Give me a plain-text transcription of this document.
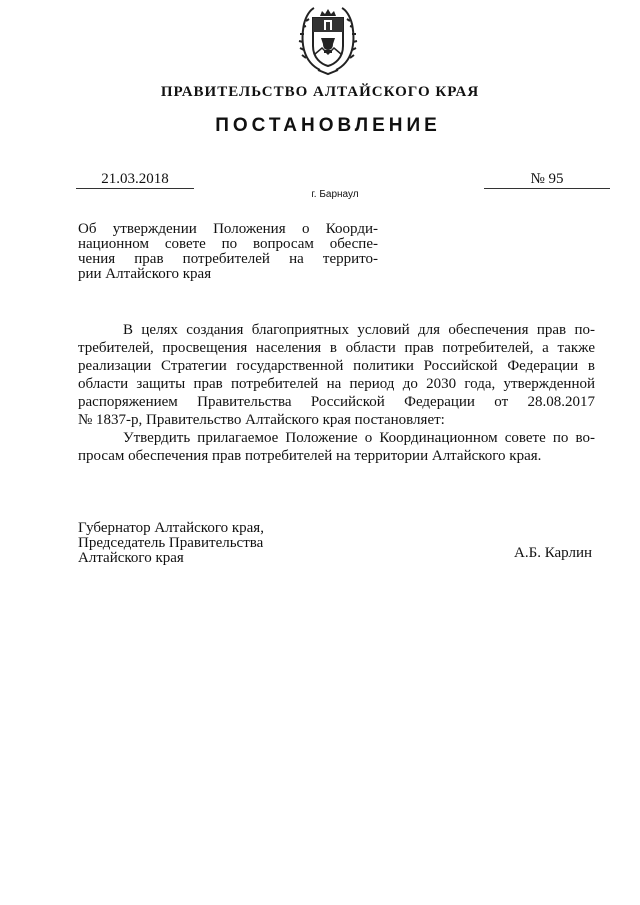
ПРАВИТЕЛЬСТВО АЛТАЙСКОГО КРАЯ
ПОСТАНОВЛЕНИЕ
21.03.2018
г. Барнаул
№ 95
Об утверждении Положения о Коорди-
национном совете по вопросам обеспе-
чения прав потребителей на террито-
рии Алтайского края
В целях создания благоприятных условий для обеспечения прав по-
требителей, просвещения населения в области прав потребителей, а также
реализации Стратегии государственной политики Российской Федерации в
области защиты прав потребителей на период до 2030 года, утвержденной
распоряжением Правительства Российской Федерации от 28.08.2017
№ 1837-р, Правительство Алтайского края постановляет:
Утвердить прилагаемое Положение о Координационном совете по во-
просам обеспечения прав потребителей на территории Алтайского края.
Губернатор Алтайского края,
Председатель Правительства
Алтайского края	А.Б. Карлин
